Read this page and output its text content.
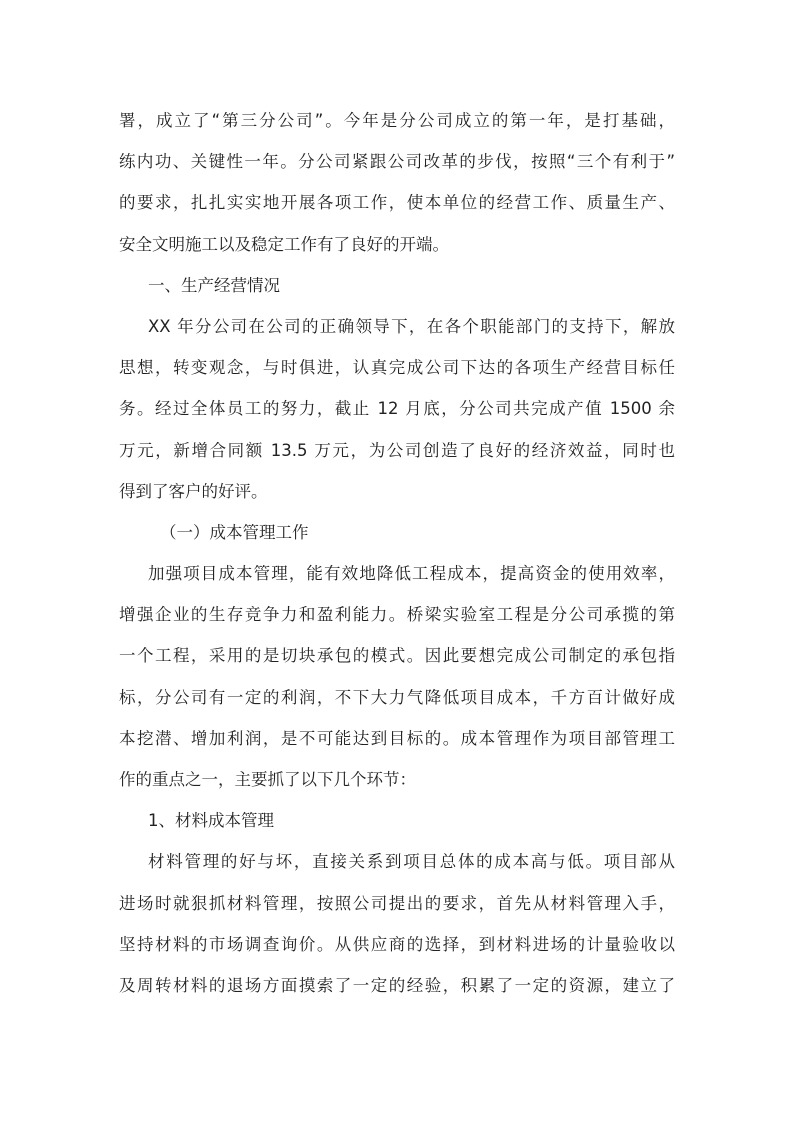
署，成立了“第三分公司”。今年是分公司成立的第一年，是打基础，
练内功、关键性一年。分公司紧跟公司改革的步伐，按照“三个有利于”
的要求，扎扎实实地开展各项工作，使本单位的经营工作、质量生产、
安全文明施工以及稳定工作有了良好的开端。
一、生产经营情况
XX 年分公司在公司的正确领导下，在各个职能部门的支持下，解放
思想，转变观念，与时俱进，认真完成公司下达的各项生产经营目标任
务。经过全体员工的努力，截止 12 月底，分公司共完成产值 1500 余
万元，新增合同额 13.5 万元，为公司创造了良好的经济效益，同时也
得到了客户的好评。
（一）成本管理工作
加强项目成本管理，能有效地降低工程成本，提高资金的使用效率，
增强企业的生存竞争力和盈利能力。桥梁实验室工程是分公司承揽的第
一个工程，采用的是切块承包的模式。因此要想完成公司制定的承包指
标，分公司有一定的利润，不下大力气降低项目成本，千方百计做好成
本挖潜、增加利润，是不可能达到目标的。成本管理作为项目部管理工
作的重点之一，主要抓了以下几个环节：
1、材料成本管理
材料管理的好与坏，直接关系到项目总体的成本高与低。项目部从
进场时就狠抓材料管理，按照公司提出的要求，首先从材料管理入手，
坚持材料的市场调查询价。从供应商的选择，到材料进场的计量验收以
及周转材料的退场方面摸索了一定的经验，积累了一定的资源，建立了
